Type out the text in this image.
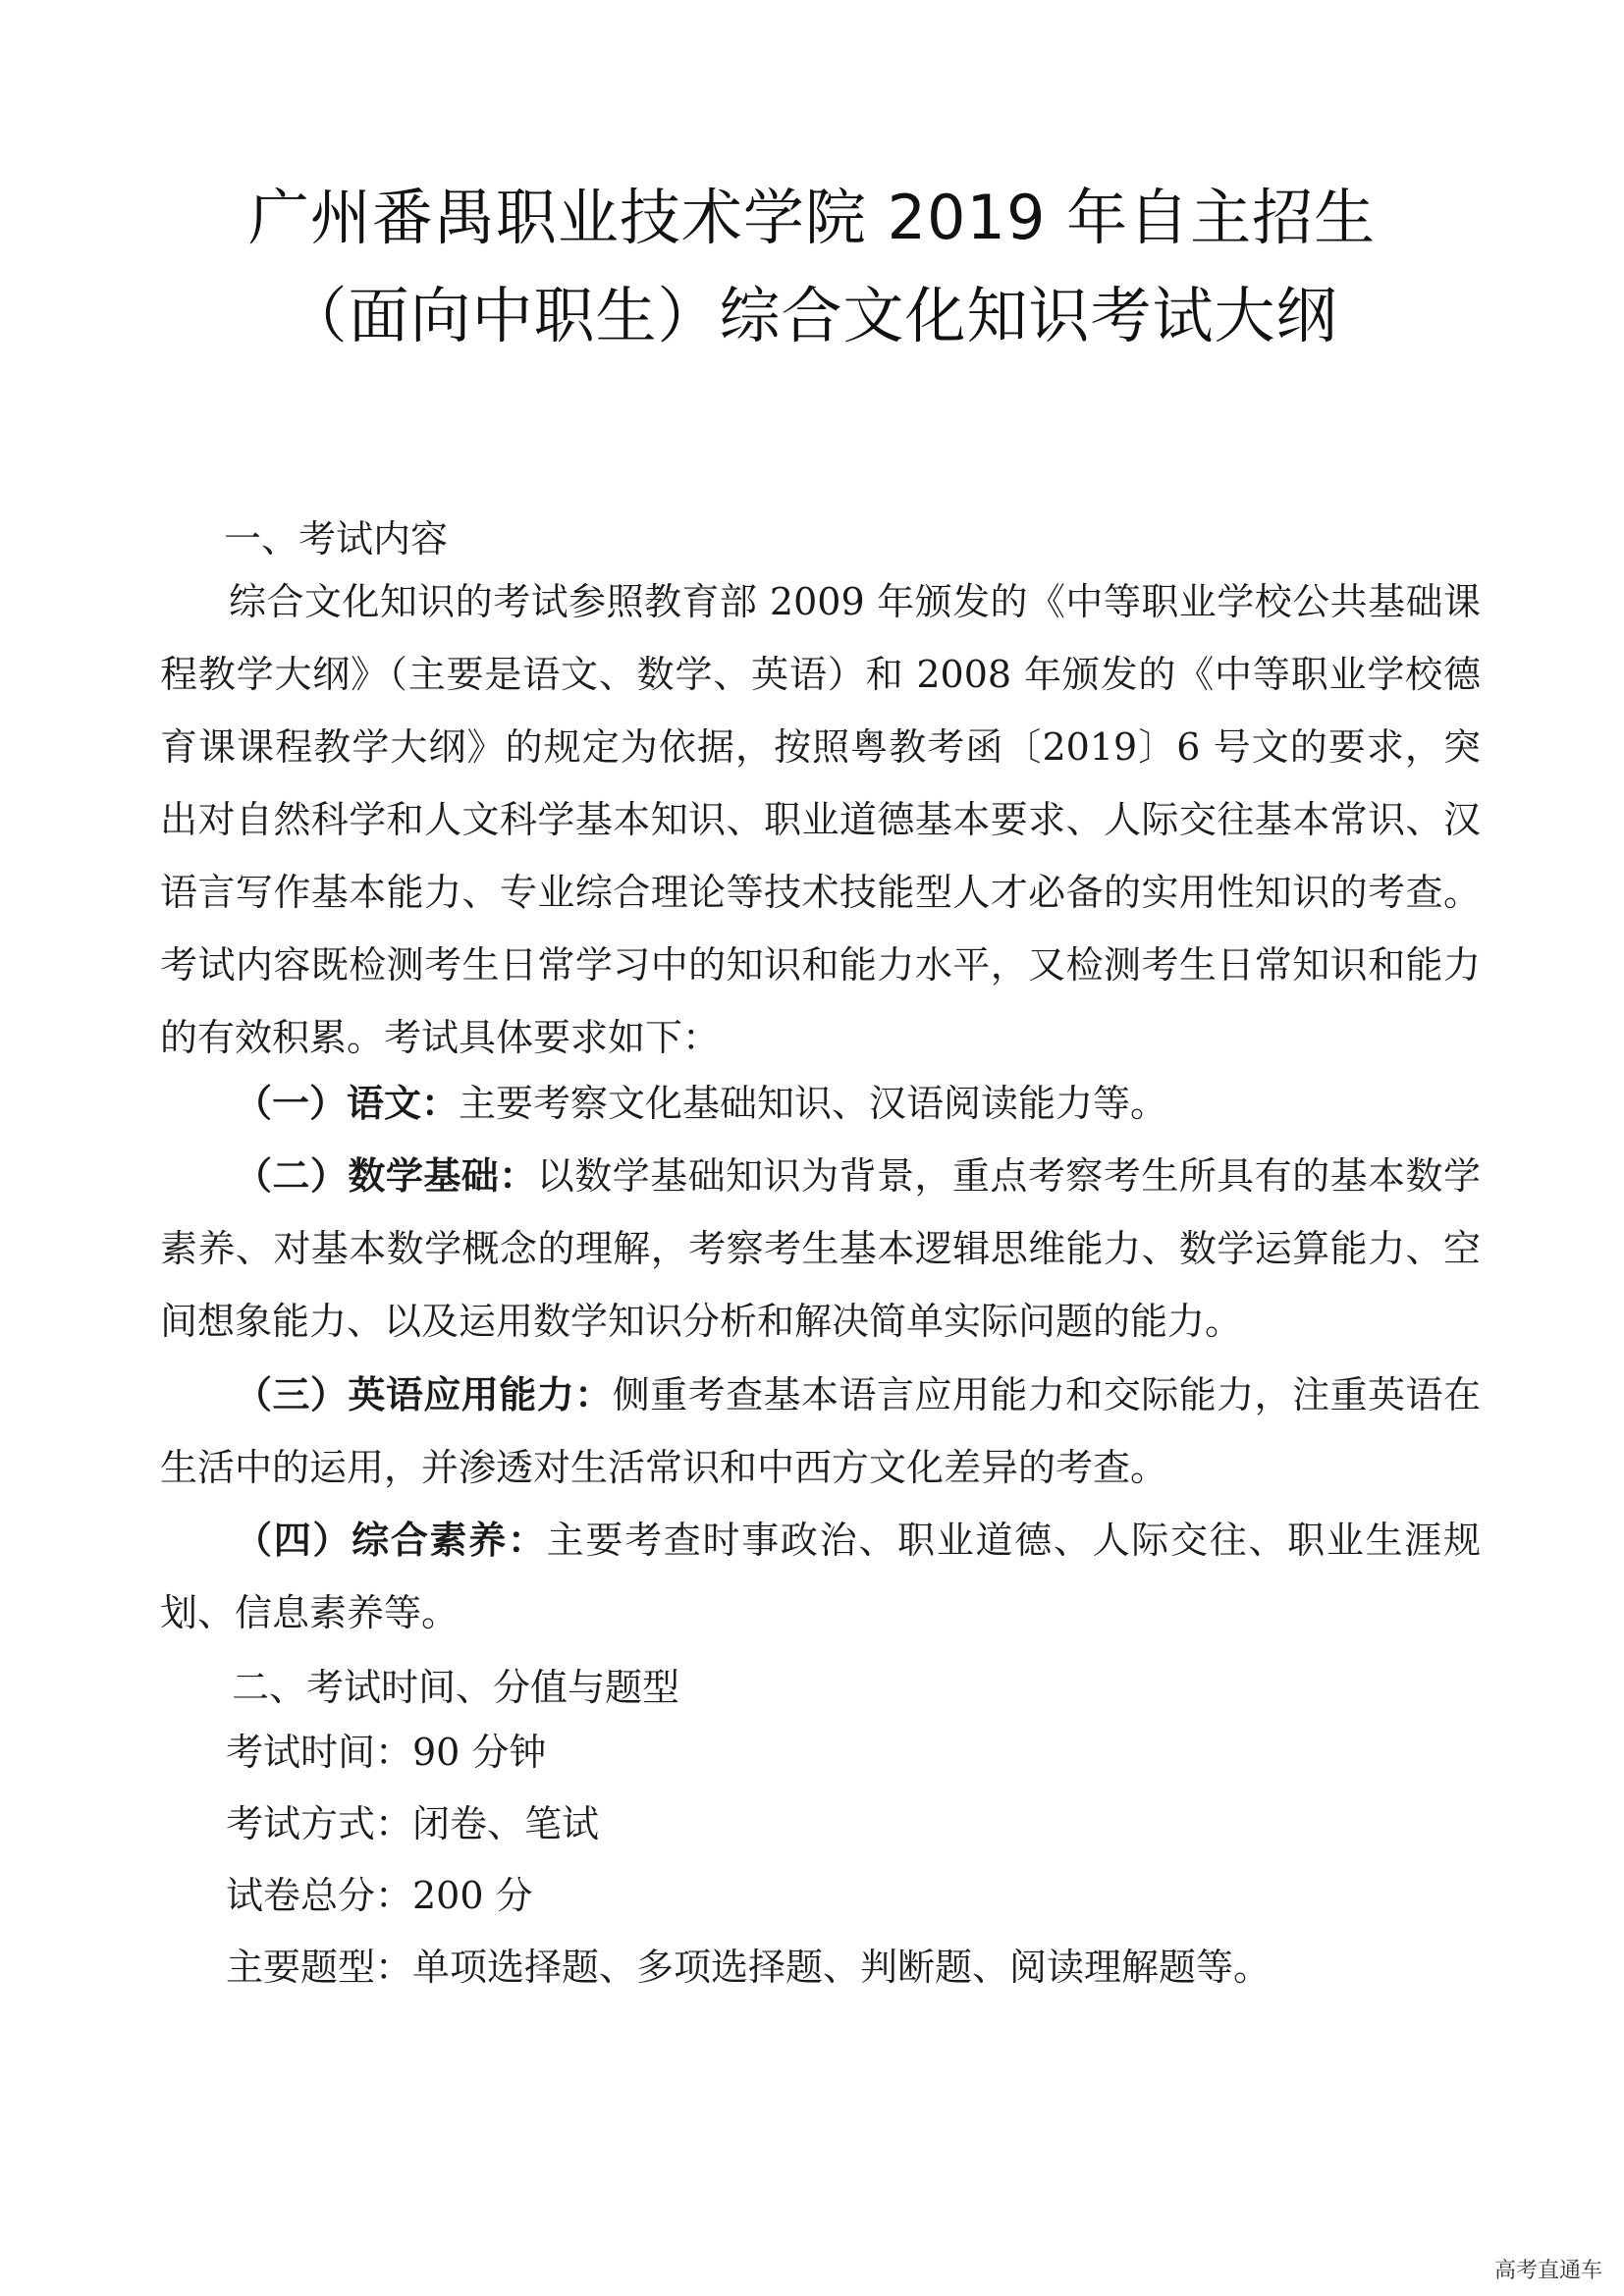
广州番禺职业技术学院 2019 年自主招生
（面向中职生）综合文化知识考试大纲
一、考试内容

综合文化知识的考试参照教育部 2009 年颁发的《中等职业学校公共基础课程教学大纲》（主要是语文、数学、英语）和 2008 年颁发的《中等职业学校德育课课程教学大纲》的规定为依据，按照粤教考函〔2019〕6 号文的要求，突出对自然科学和人文科学基本知识、职业道德基本要求、人际交往基本常识、汉语言写作基本能力、专业综合理论等技术技能型人才必备的实用性知识的考查。考试内容既检测考生日常学习中的知识和能力水平，又检测考生日常知识和能力的有效积累。考试具体要求如下：

（一）语文：主要考察文化基础知识、汉语阅读能力等。

（二）数学基础：以数学基础知识为背景，重点考察考生所具有的基本数学素养、对基本数学概念的理解，考察考生基本逻辑思维能力、数学运算能力、空间想象能力、以及运用数学知识分析和解决简单实际问题的能力。

（三）英语应用能力：侧重考查基本语言应用能力和交际能力，注重英语在生活中的运用，并渗透对生活常识和中西方文化差异的考查。

（四）综合素养：主要考查时事政治、职业道德、人际交往、职业生涯规划、信息素养等。

二、考试时间、分值与题型
考试时间：90 分钟
考试方式：闭卷、笔试
试卷总分：200 分
主要题型：单项选择题、多项选择题、判断题、阅读理解题等。
高考直通车
